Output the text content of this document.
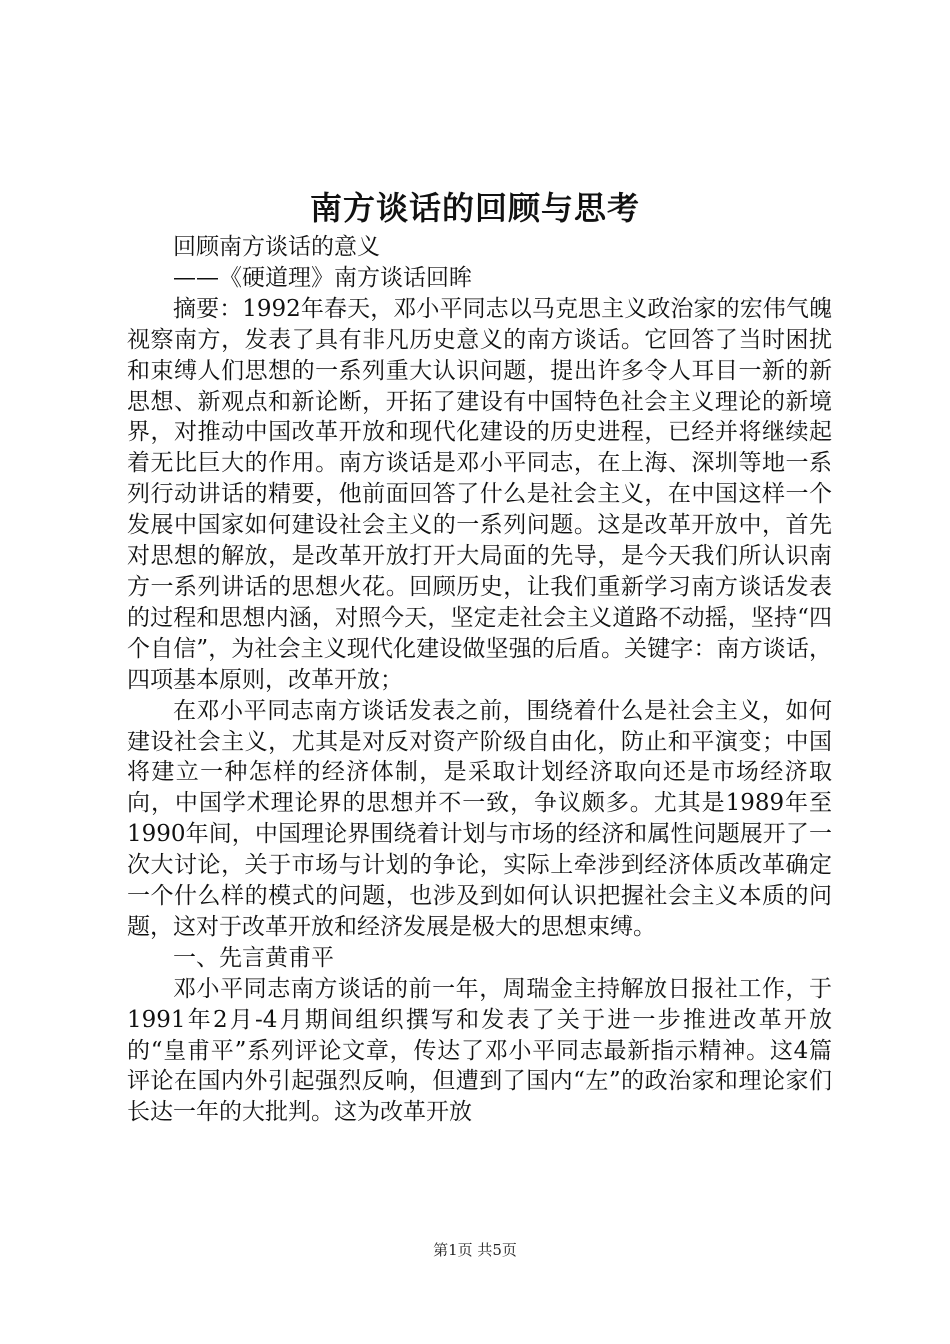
南方谈话的回顾与思考

回顾南方谈话的意义

——《硬道理》南方谈话回眸

摘要：1992年春天，邓小平同志以马克思主义政治家的宏伟气魄视察南方，发表了具有非凡历史意义的南方谈话。它回答了当时困扰和束缚人们思想的一系列重大认识问题，提出许多令人耳目一新的新思想、新观点和新论断，开拓了建设有中国特色社会主义理论的新境界，对推动中国改革开放和现代化建设的历史进程，已经并将继续起着无比巨大的作用。南方谈话是邓小平同志，在上海、深圳等地一系列行动讲话的精要，他前面回答了什么是社会主义，在中国这样一个发展中国家如何建设社会主义的一系列问题。这是改革开放中，首先对思想的解放，是改革开放打开大局面的先导，是今天我们所认识南方一系列讲话的思想火花。回顾历史，让我们重新学习南方谈话发表的过程和思想内涵，对照今天，坚定走社会主义道路不动摇，坚持“四个自信”，为社会主义现代化建设做坚强的后盾。关键字：南方谈话，四项基本原则，改革开放；

在邓小平同志南方谈话发表之前，围绕着什么是社会主义，如何建设社会主义，尤其是对反对资产阶级自由化，防止和平演变；中国将建立一种怎样的经济体制，是采取计划经济取向还是市场经济取向，中国学术理论界的思想并不一致，争议颇多。尤其是1989年至1990年间，中国理论界围绕着计划与市场的经济和属性问题展开了一次大讨论，关于市场与计划的争论，实际上牵涉到经济体质改革确定一个什么样的模式的问题，也涉及到如何认识把握社会主义本质的问题，这对于改革开放和经济发展是极大的思想束缚。

一、先言黄甫平

邓小平同志南方谈话的前一年，周瑞金主持解放日报社工作，于1991年2月-4月期间组织撰写和发表了关于进一步推进改革开放的“皇甫平”系列评论文章，传达了邓小平同志最新指示精神。这4篇评论在国内外引起强烈反响，但遭到了国内“左”的政治家和理论家们长达一年的大批判。这为改革开放

第1页 共5页
